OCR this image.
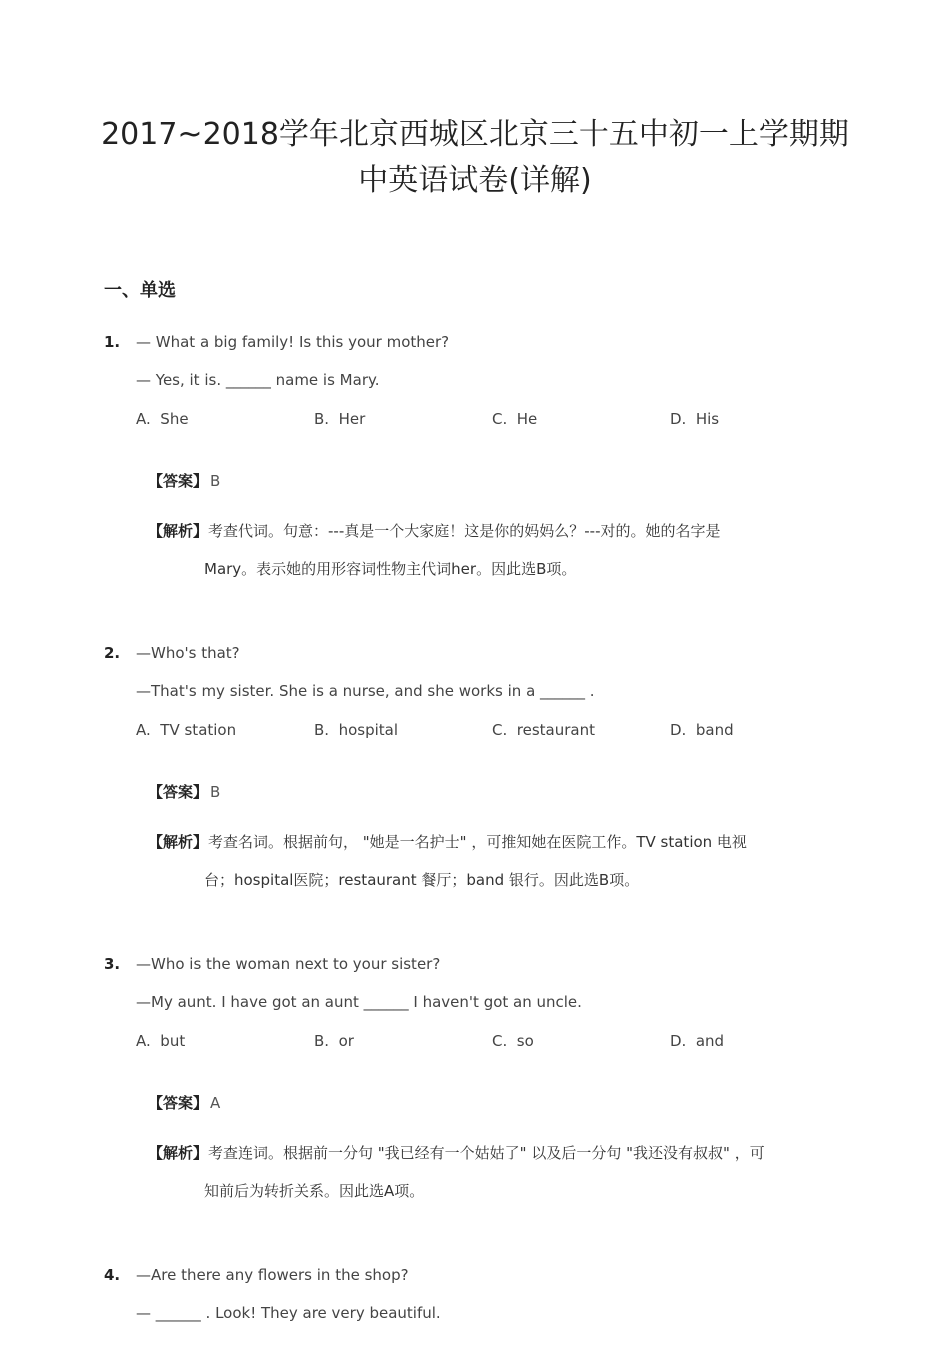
2017~2018学年北京西城区北京三十五中初一上学期期
中英语试卷(详解)
一、单选
1. — What a big family! Is this your mother?
— Yes, it is. ______ name is Mary.
A.  She	B.  Her	C.  He	D.  His
【答案】 B
【解析】考查代词。句意：---真是一个大家庭！这是你的妈妈么？---对的。她的名字是
Mary。表示她的用形容词性物主代词her。因此选B项。
2. —Who's that?
—That's my sister. She is a nurse, and she works in a ______ .
A.  TV station	B.  hospital	C.  restaurant	D.  band
【答案】 B
【解析】考查名词。根据前句， "她是一名护士" ，可推知她在医院工作。TV station 电视
台；hospital医院；restaurant 餐厅；band 银行。因此选B项。
3. —Who is the woman next to your sister?
—My aunt. I have got an aunt ______ I haven't got an uncle.
A.  but	B.  or	C.  so	D.  and
【答案】 A
【解析】考查连词。根据前一分句 "我已经有一个姑姑了" 以及后一分句 "我还没有叔叔" ，可
知前后为转折关系。因此选A项。
4. —Are there any flowers in the shop?
— ______ . Look! They are very beautiful.
